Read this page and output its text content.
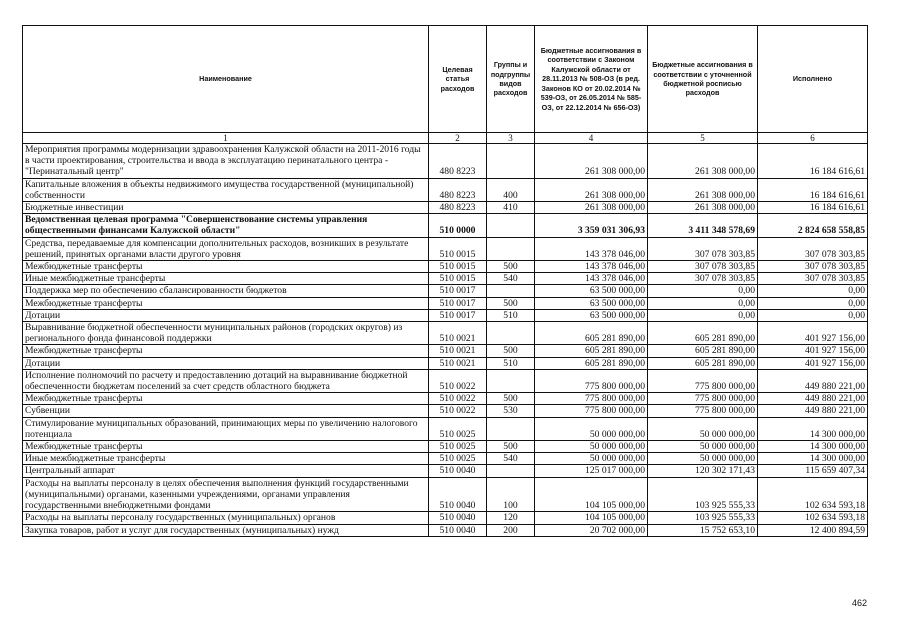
Наименование	Целевая статья расходов	Группы и подгруппы видов расходов	Бюджетные ассигнования в соответствии с Законом Калужской области от 28.11.2013 № 508-ОЗ (в ред. Законов КО от 20.02.2014 № 539-ОЗ, от 26.05.2014 № 585-ОЗ, от 22.12.2014 № 656-ОЗ)	Бюджетные ассигнования в соответствии с уточненной бюджетной росписью расходов	Исполнено
1	2	3	4	5	6
Мероприятия программы модернизации здравоохранения Калужской области на 2011-2016 годы в части проектирования, строительства и ввода в эксплуатацию перинатального центра - "Перинатальный центр"	480 8223		261 308 000,00	261 308 000,00	16 184 616,61
Капитальные вложения в объекты недвижимого имущества государственной (муниципальной) собственности	480 8223	400	261 308 000,00	261 308 000,00	16 184 616,61
Бюджетные инвестиции	480 8223	410	261 308 000,00	261 308 000,00	16 184 616,61
Ведомственная целевая программа "Совершенствование системы управления общественными финансами Калужской области"	510 0000		3 359 031 306,93	3 411 348 578,69	2 824 658 558,85
Средства, передаваемые для компенсации дополнительных расходов, возникших в результате решений, принятых органами власти другого уровня	510 0015		143 378 046,00	307 078 303,85	307 078 303,85
Межбюджетные трансферты	510 0015	500	143 378 046,00	307 078 303,85	307 078 303,85
Иные межбюджетные трансферты	510 0015	540	143 378 046,00	307 078 303,85	307 078 303,85
Поддержка мер по обеспечению сбалансированности бюджетов	510 0017		63 500 000,00	0,00	0,00
Межбюджетные трансферты	510 0017	500	63 500 000,00	0,00	0,00
Дотации	510 0017	510	63 500 000,00	0,00	0,00
Выравнивание бюджетной обеспеченности муниципальных районов (городских округов) из регионального фонда финансовой поддержки	510 0021		605 281 890,00	605 281 890,00	401 927 156,00
Межбюджетные трансферты	510 0021	500	605 281 890,00	605 281 890,00	401 927 156,00
Дотации	510 0021	510	605 281 890,00	605 281 890,00	401 927 156,00
Исполнение полномочий по расчету и предоставлению дотаций на выравнивание бюджетной обеспеченности бюджетам поселений за счет средств областного бюджета	510 0022		775 800 000,00	775 800 000,00	449 880 221,00
Межбюджетные трансферты	510 0022	500	775 800 000,00	775 800 000,00	449 880 221,00
Субвенции	510 0022	530	775 800 000,00	775 800 000,00	449 880 221,00
Стимулирование муниципальных образований, принимающих меры по увеличению налогового потенциала	510 0025		50 000 000,00	50 000 000,00	14 300 000,00
Межбюджетные трансферты	510 0025	500	50 000 000,00	50 000 000,00	14 300 000,00
Иные межбюджетные трансферты	510 0025	540	50 000 000,00	50 000 000,00	14 300 000,00
Центральный аппарат	510 0040		125 017 000,00	120 302 171,43	115 659 407,34
Расходы на выплаты персоналу в целях обеспечения выполнения функций государственными (муниципальными) органами, казенными учреждениями, органами управления государственными внебюджетными фондами	510 0040	100	104 105 000,00	103 925 555,33	102 634 593,18
Расходы на выплаты персоналу государственных (муниципальных) органов	510 0040	120	104 105 000,00	103 925 555,33	102 634 593,18
Закупка товаров, работ и услуг для государственных (муниципальных) нужд	510 0040	200	20 702 000,00	15 752 653,10	12 400 894,59
462
